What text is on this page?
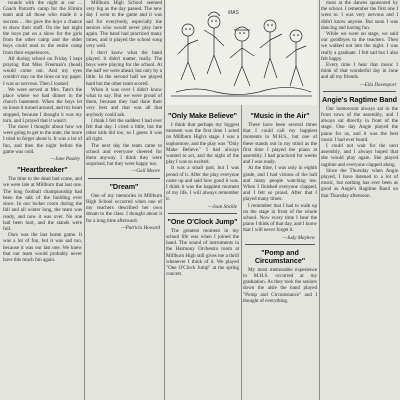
rounds with the night at our ... Coach Parrott's camp for the Elmira team and all those who made it a success ... the gave the boys a chance to show their stuff. On the last night the boys put on a show for the girls from the other camp and the older boys could read to the entire camp from their experiences.

All during school on Friday I kept praying that Miss Freeman's (head) would come out. And my eyes couldn't stay on the lines on my paper. I was so nervous. Then I looked.

We were served at Mrs. Tate's the place where we had dinner in the church basement. When the boys let us loose it turned around, and my heart stopped, because I thought it was my turn, and I prayed that it wasn't.

The more I thought about how we were going to get to the state, the more I tried to forget about it. It was a lot of fun, and then the night before the game was cold.

—Jane Pauley
"Heartbreaker"

The time to the dead had come, and we were late at Millburn that last one. The long football championship had been the talk of the building ever since. In our locker room during the fall and all winter long, the team was ready, and now it was over. No one had been hurt, and the stands were full.

Ours was the last home game. It was a lot of fun, but it was sad too, because it was our last one. We knew that our team would probably never have this much fun again.

Millburn High School seemed very big as the day passed. The new day I went to the game and it was sad for everybody, especially the seniors who would never play here again. The band had practiced many times, and it played the school song very well.

I don't know what the band played. It didn't matter, really. The boys were playing for the school. At the half we were ahead, but only by a little. In the second half we played hard but the other team scored.

When it was over I didn't know what to say. But we were proud of them, because they had done their very best and that was all that anybody could ask.

I think I felt the saddest I had ever felt that day. I cried a little, but the other kids did too, so I guess it was all right.

The next day the team came to school and everyone cheered for them anyway. I think they were surprised, but they were happy too.

—Gail Moore
"Dream"

One of my memories in Millburn High School occurred when one of my teachers described her own dream to the class. I thought about it for a long time afterward.

—Patricia Howard
MAS
"Only Make Believe"

I think that perhaps my biggest moment was the first time I acted on Millburn High's stage. I was a sophomore, and the play was "Only Make Believe." I had always wanted to act, and the night of the play I was so excited.

It was a small part, but I was proud of it. After the play everyone came up and said how good it was. I think it was the happiest moment of my life. I will always remember it.

—Joan Stickle
"One O'Clock Jump"

The greatest moment in my school life was when I joined the band. The sound of instruments in the Harmony Orchestra room at Millburn High still gives me a thrill whenever I think of it. We played "One O'Clock Jump" at the spring concert.

"Music in the Air"

There have been several times that I could call my happiest moments in M.H.S., but one of these stands out in my mind as the first time I played the piano at assembly. I had practiced for weeks and I was ready.

At the time, I was only in eighth grade, and I had visions of the hall and many people watching me. When I finished everyone clapped, and I felt so proud. After that I played many times.

I remember that I had to walk up on the stage in front of the whole school. Now every time I hear the piano I think of that day, and I know that I will never forget it.

—Judy Mayhew
"Pomp and Circumstance"

My most memorable experience in M.H.S. occurred at my graduation. As they took the seniors down the aisle the band played "Pomp and Circumstance" and I thought of everything.

most at the dances sponsored by the school. I remember the first one I went to. I was very nervous and I didn't know anyone. But soon I was dancing and having fun.

While we were on stage, we said our goodbyes to the teachers. Then we walked out into the night. I was really a graduate. I felt sad but I also felt happy.

Every time I hear that music I think of that wonderful day in June and all my friends.

—Eila Davenport
Angie's Ragtime Band

Our homeroom always sat in the front rows of the assembly, and I always sat directly in front of the stage. One day Angie played the piano for us, and it was the best music I had ever heard.

I could not wait for the next assembly, and I always hoped that she would play again. She played ragtime and everyone clapped along.

Since the Thursday when Angie played, I have listened to a lot of music, but nothing has ever been as good as Angie's Ragtime Band on that Thursday afternoon.
